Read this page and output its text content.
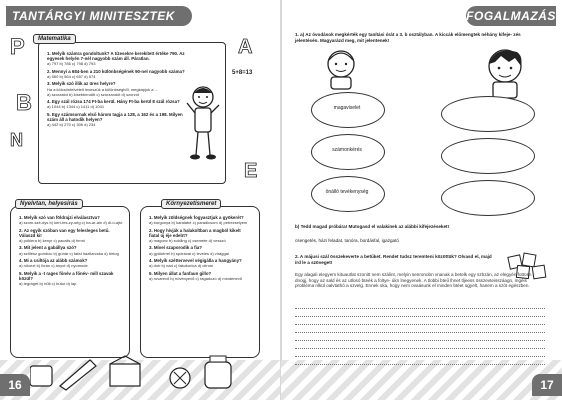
TANTÁRGYI MINITESZTEK
P
B
N
A
E
5+8=13
Matematika

1. Melyik számra gondoltunk? A tízesekre kerekített értéke 790. Az egyesek helyén 7-nél nagyobb szám áll. Páratlan.
a) 797 b) 786 c) 798 d) 793

2. Mennyi a 684-ben a 210 különbségének 90-nel nagyobb száma?
a) 560 b) 564 c) 657 d) 574

3. Melyik szó illik az üres helyre?
Ha a kölcsönfelvételt leveszük a különbségből, megkapjuk a ...
a) szorzatot b) kisebbendőt c) szorzandót d) szorzót

4. Egy szál rózsa 174 Ft-ba kerül. Hány Ft-ba kerül 8 szál rózsa?
a) 1044 b) 1344 c) 1411 d) 1041

5. Egy számsornak első három tagja a 128, a 162 és a 198. Milyen szám áll a hatodik helyen?
a) 442 b) 270 c) 306 d) 234

Nyelvtan, helyesírás

1. Melyik szó van földrajzi elválasztva?
a) szom-szé-dys b) kert-fes-zy-ség c) ba-ar-ain d) di-ó-ajtó

2. Az egyik szóban van egy felesleges betű. Válaszd ki!
a) póklera b) kenyr c) pacalis d) fenni

3. Mit jelent a gabállya szó?
a) szőlész gombóc b) gúnár c) fafaI háztlarcska d) birtog

4. Mi a csiltója az alább számok?
a) növezt b) Ikrán c) ányot d) nyomode

5. Melyik a -t rages főnév a főnév- mill szavak közül?
a) tegraget b) hűlt c) bútor d) lap

Környezetismeret

1. Melyik zöldségnek fogyasztjuk a gyökerét?
a) burgonya b) karalábé c) paradicsom d) petrezselyem

2. Hogy hívják a halakoltban a magból kikelt fiatal új éje edelrt?
a) magonc b) suhång c) csemete d) vesszó

3. Mivel szaporodik a fia?
a) gyökérrel b) spórával c) leveles d) virággal

4. Melyik széttervevel végigálla a hangyány?
a) dob b) nád c) fakukorica d) citrom

5. Milyen állat a fanfaun gillo?
a) rovarevő b) növényevő c) ragadozó d) mindenevő

16
FOGALMAZÁS
1. a) Az óvodások megkérték egy tanítási órát a 3. b osztályban. A kiccák előmengtek néhány kifeje- zés jelentésén. Magyarázd meg, mit jelentenek!
magaviselet
számonkérés
önálló tevékenység
b) Tedd magad próbára! Mutogasd el valakinek az alábbi kifejezéseket!
csengetés, házi feladat, tanóra, bordásfal, igazgató
2. A májusi szál összekeverte a betűket. Rendet tudsz teremteni közöttük? Olvasd el, majd írd le a szöveget!
Egy alagali elegyem kituautlat szonitt nem szálint, melyin senronobn vnanak a betelk egy szbzán, az elegyén fottosn dnogj, hogy az sald és az utlosó bteék a foltye- úkn lnegyenek. A tlobbi bteű lhnet tljeess összevteisszáagn, mgéis probléma nlkül oalvtathó a szvelg. Ennek oka, hogy nem ovaásunk el minden btéet ügyelt, hanem a szót egészben.
17
